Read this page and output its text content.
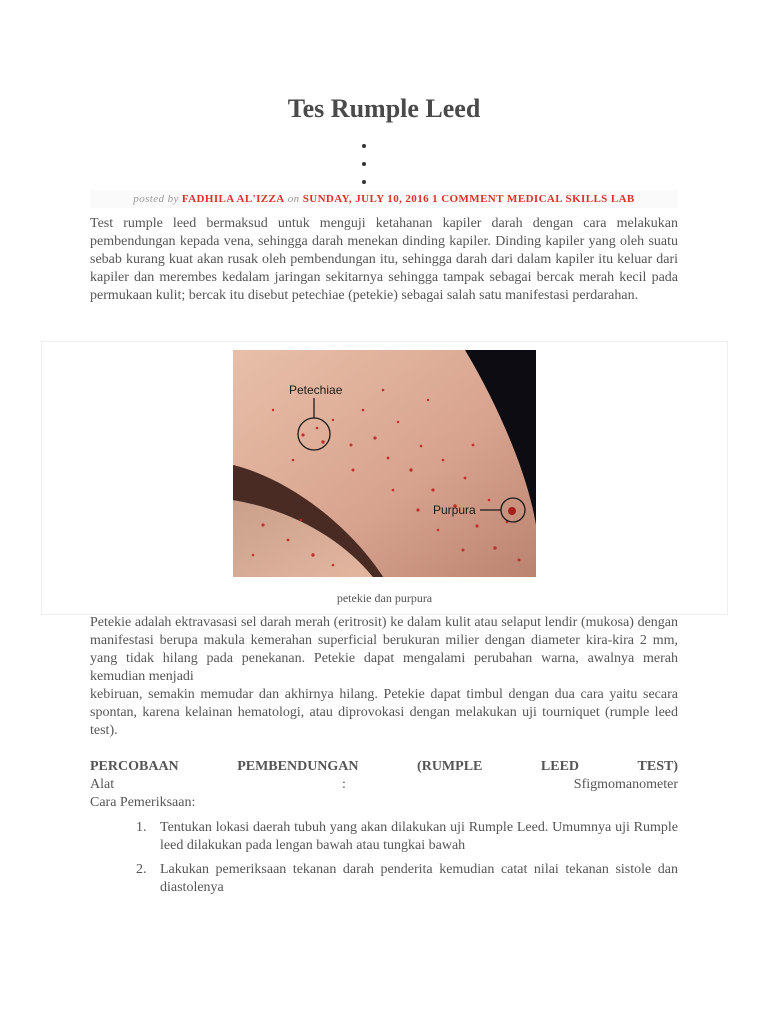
Tes Rumple Leed
posted by FADHILA AL'IZZA on SUNDAY, JULY 10, 2016 1 COMMENT MEDICAL SKILLS LAB

Test rumple leed bermaksud untuk menguji ketahanan kapiler darah dengan cara melakukan pembendungan kepada vena, sehingga darah menekan dinding kapiler. Dinding kapiler yang oleh suatu sebab kurang kuat akan rusak oleh pembendungan itu, sehingga darah dari dalam kapiler itu keluar dari kapiler dan merembes kedalam jaringan sekitarnya sehingga tampak sebagai bercak merah kecil pada permukaan kulit; bercak itu disebut petechiae (petekie) sebagai salah satu manifestasi perdarahan.

Petechiae
Purpura
petekie dan purpura
Petekie adalah ektravasasi sel darah merah (eritrosit) ke dalam kulit atau selaput lendir (mukosa) dengan manifestasi berupa makula kemerahan superficial berukuran milier dengan diameter kira-kira 2 mm, yang tidak hilang pada penekanan. Petekie dapat mengalami perubahan warna, awalnya merah kemudian menjadi
kebiruan, semakin memudar dan akhirnya hilang. Petekie dapat timbul dengan dua cara yaitu secara spontan, karena kelainan hematologi, atau diprovokasi dengan melakukan uji tourniquet (rumple leed test).
PERCOBAAN	PEMBENDUNGAN	(RUMPLE	LEED	TEST)
Alat	:	Sfigmomanometer
Cara Pemeriksaan:
1. Tentukan lokasi daerah tubuh yang akan dilakukan uji Rumple Leed. Umumnya uji Rumple leed dilakukan pada lengan bawah atau tungkai bawah
2. Lakukan pemeriksaan tekanan darah penderita kemudian catat nilai tekanan sistole dan diastolenya
